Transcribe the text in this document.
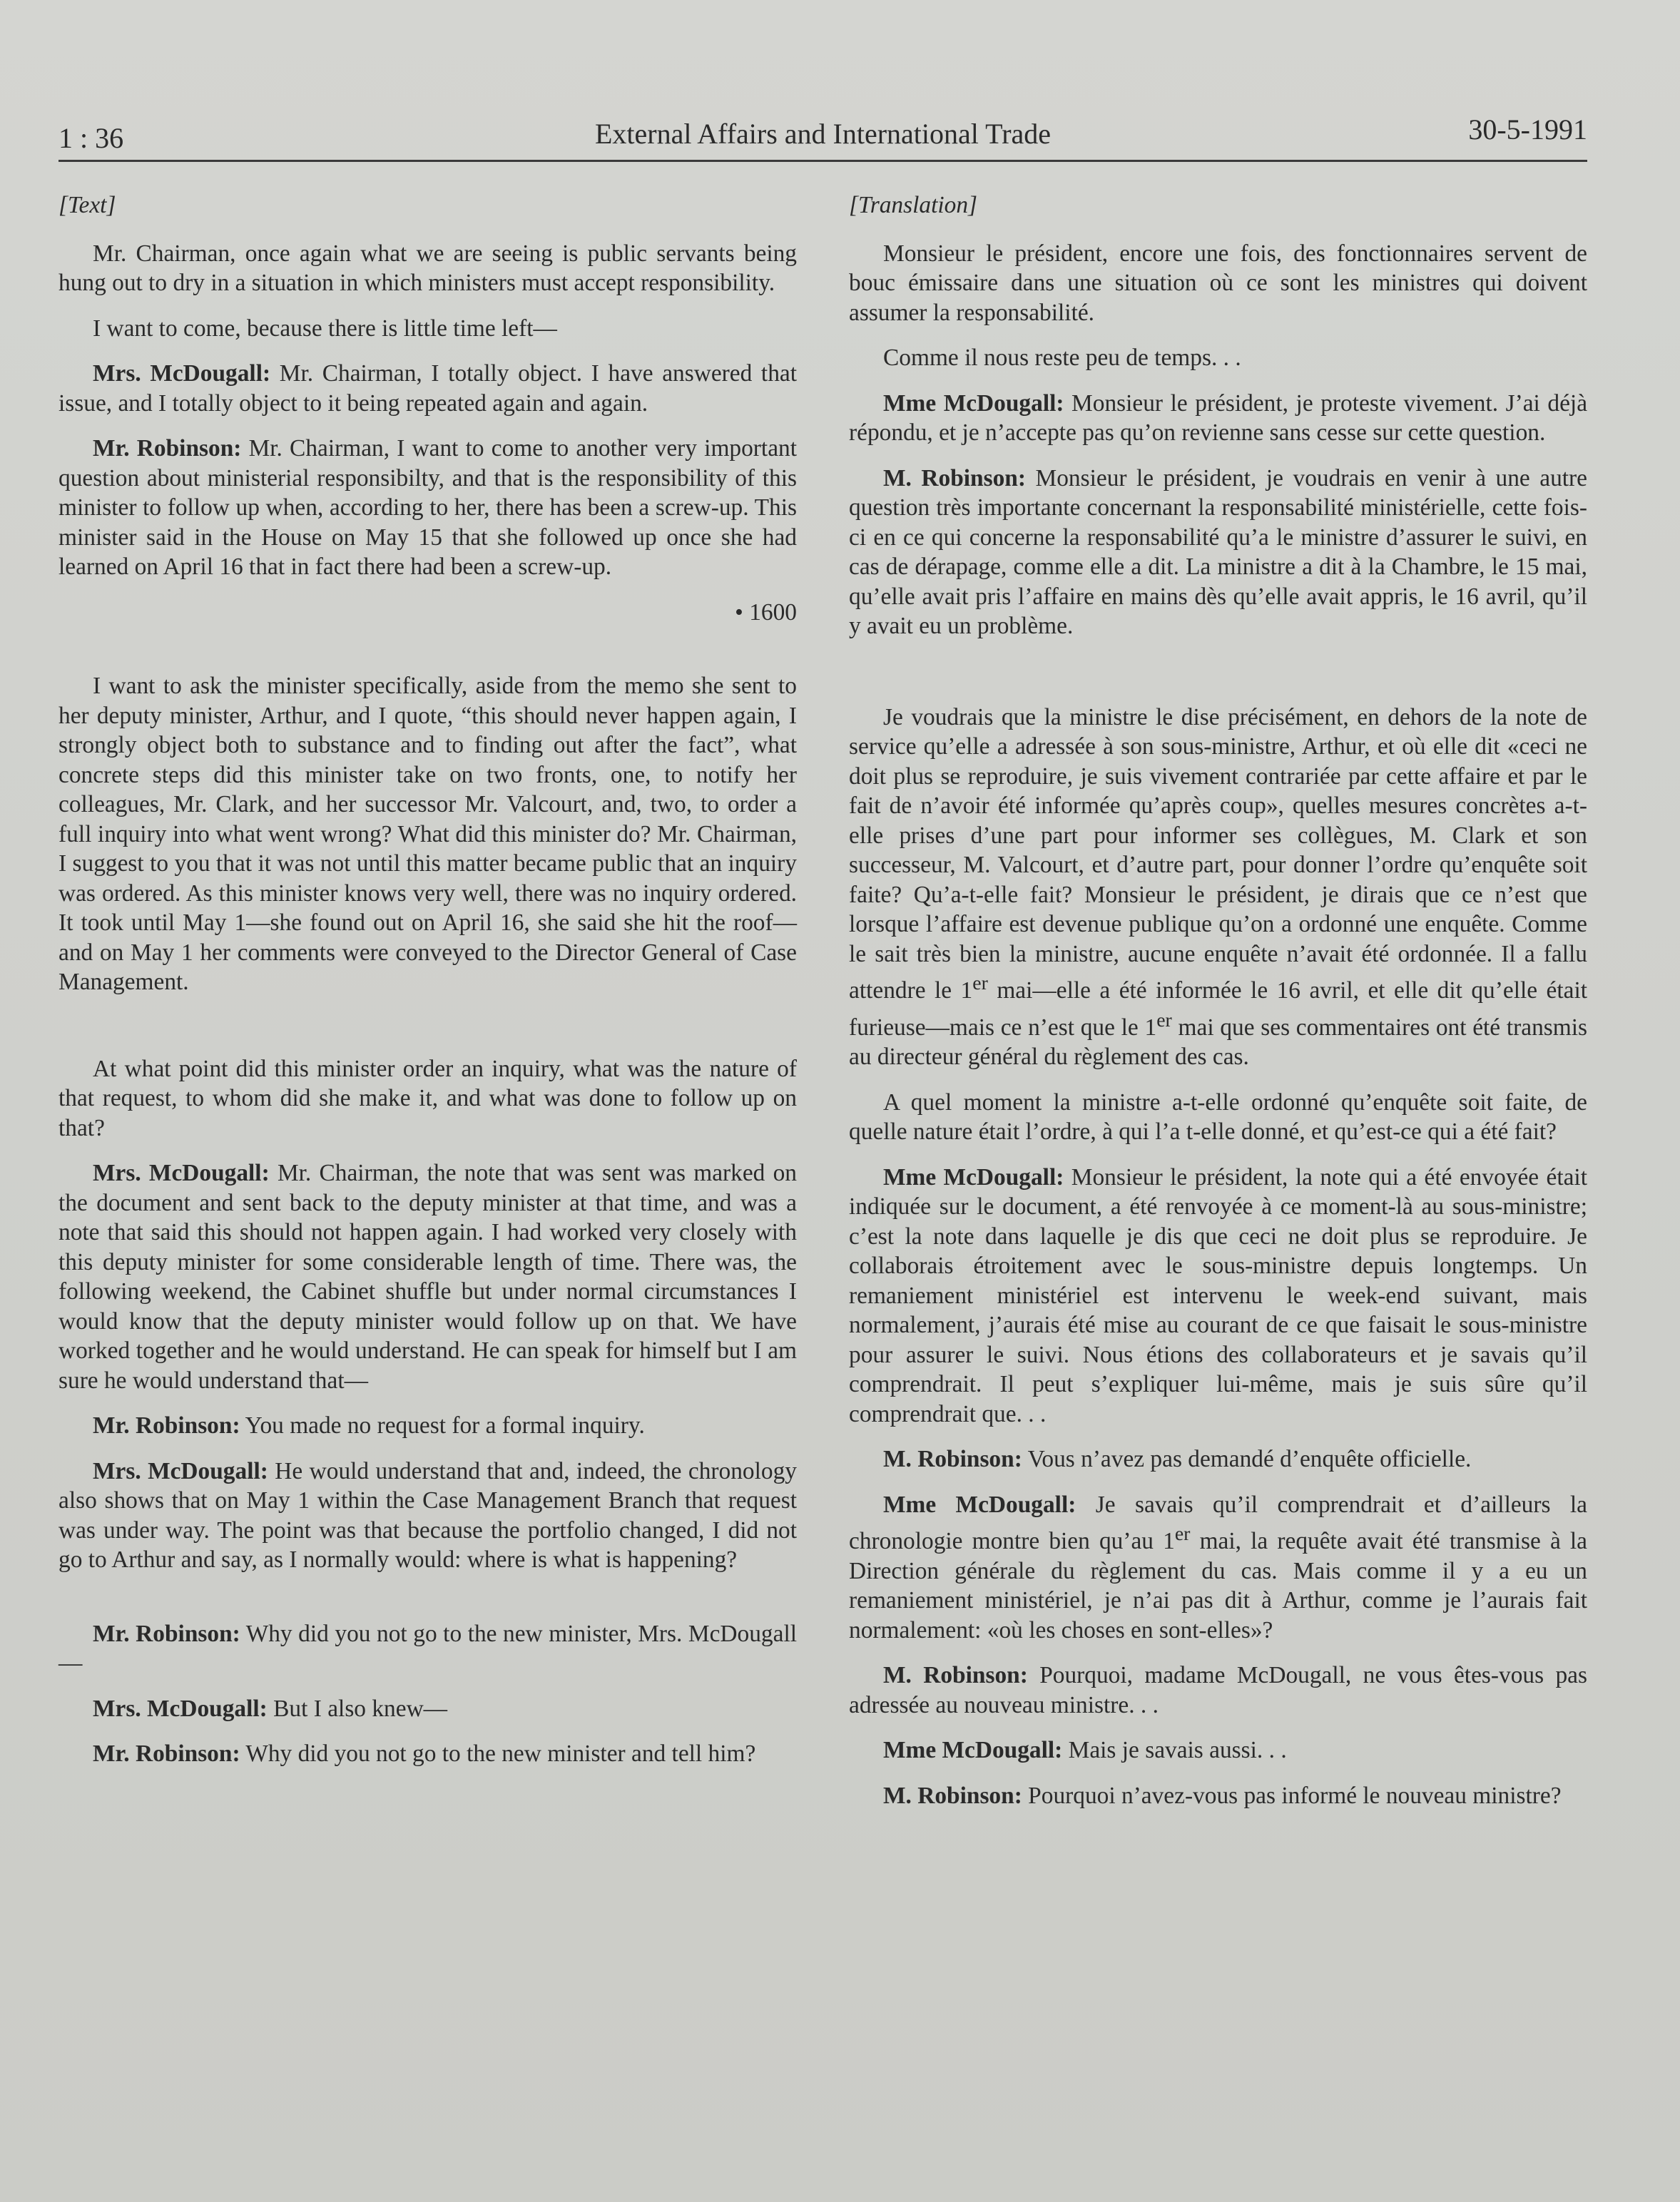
1 : 36	External Affairs and International Trade	30-5-1991

[Text]

Mr. Chairman, once again what we are seeing is public servants being hung out to dry in a situation in which ministers must accept responsibility.

I want to come, because there is little time left—

Mrs. McDougall: Mr. Chairman, I totally object. I have answered that issue, and I totally object to it being repeated again and again.

Mr. Robinson: Mr. Chairman, I want to come to another very important question about ministerial responsibilty, and that is the responsibility of this minister to follow up when, according to her, there has been a screw-up. This minister said in the House on May 15 that she followed up once she had learned on April 16 that in fact there had been a screw-up.

• 1600

I want to ask the minister specifically, aside from the memo she sent to her deputy minister, Arthur, and I quote, “this should never happen again, I strongly object both to substance and to finding out after the fact”, what concrete steps did this minister take on two fronts, one, to notify her colleagues, Mr. Clark, and her successor Mr. Valcourt, and, two, to order a full inquiry into what went wrong? What did this minister do? Mr. Chairman, I suggest to you that it was not until this matter became public that an inquiry was ordered. As this minister knows very well, there was no inquiry ordered. It took until May 1—she found out on April 16, she said she hit the roof—and on May 1 her comments were conveyed to the Director General of Case Management.

At what point did this minister order an inquiry, what was the nature of that request, to whom did she make it, and what was done to follow up on that?

Mrs. McDougall: Mr. Chairman, the note that was sent was marked on the document and sent back to the deputy minister at that time, and was a note that said this should not happen again. I had worked very closely with this deputy minister for some considerable length of time. There was, the following weekend, the Cabinet shuffle but under normal circumstances I would know that the deputy minister would follow up on that. We have worked together and he would understand. He can speak for himself but I am sure he would understand that—

Mr. Robinson: You made no request for a formal inquiry.

Mrs. McDougall: He would understand that and, indeed, the chronology also shows that on May 1 within the Case Management Branch that request was under way. The point was that because the portfolio changed, I did not go to Arthur and say, as I normally would: where is what is happening?

Mr. Robinson: Why did you not go to the new minister, Mrs. McDougall—

Mrs. McDougall: But I also knew—

Mr. Robinson: Why did you not go to the new minister and tell him?

[Translation]

Monsieur le président, encore une fois, des fonctionnaires servent de bouc émissaire dans une situation où ce sont les ministres qui doivent assumer la responsabilité.

Comme il nous reste peu de temps. . .

Mme McDougall: Monsieur le président, je proteste vivement. J’ai déjà répondu, et je n’accepte pas qu’on revienne sans cesse sur cette question.

M. Robinson: Monsieur le président, je voudrais en venir à une autre question très importante concernant la responsabilité ministérielle, cette fois-ci en ce qui concerne la responsabilité qu’a le ministre d’assurer le suivi, en cas de dérapage, comme elle a dit. La ministre a dit à la Chambre, le 15 mai, qu’elle avait pris l’affaire en mains dès qu’elle avait appris, le 16 avril, qu’il y avait eu un problème.

Je voudrais que la ministre le dise précisément, en dehors de la note de service qu’elle a adressée à son sous-ministre, Arthur, et où elle dit «ceci ne doit plus se reproduire, je suis vivement contrariée par cette affaire et par le fait de n’avoir été informée qu’après coup», quelles mesures concrètes a-t-elle prises d’une part pour informer ses collègues, M. Clark et son successeur, M. Valcourt, et d’autre part, pour donner l’ordre qu’enquête soit faite? Qu’a-t-elle fait? Monsieur le président, je dirais que ce n’est que lorsque l’affaire est devenue publique qu’on a ordonné une enquête. Comme le sait très bien la ministre, aucune enquête n’avait été ordonnée. Il a fallu attendre le 1er mai—elle a été informée le 16 avril, et elle dit qu’elle était furieuse—mais ce n’est que le 1er mai que ses commentaires ont été transmis au directeur général du règlement des cas.

A quel moment la ministre a-t-elle ordonné qu’enquête soit faite, de quelle nature était l’ordre, à qui l’a t-elle donné, et qu’est-ce qui a été fait?

Mme McDougall: Monsieur le président, la note qui a été envoyée était indiquée sur le document, a été renvoyée à ce moment-là au sous-ministre; c’est la note dans laquelle je dis que ceci ne doit plus se reproduire. Je collaborais étroitement avec le sous-ministre depuis longtemps. Un remaniement ministériel est intervenu le week-end suivant, mais normalement, j’aurais été mise au courant de ce que faisait le sous-ministre pour assurer le suivi. Nous étions des collaborateurs et je savais qu’il comprendrait. Il peut s’expliquer lui-même, mais je suis sûre qu’il comprendrait que. . .

M. Robinson: Vous n’avez pas demandé d’enquête officielle.

Mme McDougall: Je savais qu’il comprendrait et d’ailleurs la chronologie montre bien qu’au 1er mai, la requête avait été transmise à la Direction générale du règlement du cas. Mais comme il y a eu un remaniement ministériel, je n’ai pas dit à Arthur, comme je l’aurais fait normalement: «où les choses en sont-elles»?

M. Robinson: Pourquoi, madame McDougall, ne vous êtes-vous pas adressée au nouveau ministre. . .

Mme McDougall: Mais je savais aussi. . .

M. Robinson: Pourquoi n’avez-vous pas informé le nouveau ministre?
